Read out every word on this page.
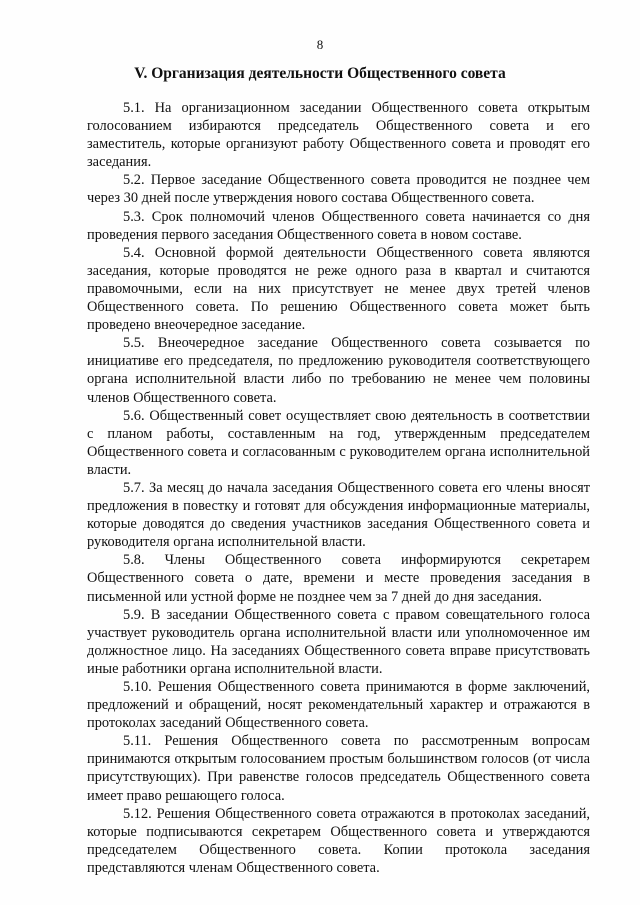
8
V. Организация деятельности Общественного совета

5.1. На организационном заседании Общественного совета открытым голосованием избираются председатель Общественного совета и его заместитель, которые организуют работу Общественного совета и проводят его заседания.

5.2. Первое заседание Общественного совета проводится не позднее чем через 30 дней после утверждения нового состава Общественного совета.

5.3. Срок полномочий членов Общественного совета начинается со дня проведения первого заседания Общественного совета в новом составе.

5.4. Основной формой деятельности Общественного совета являются заседания, которые проводятся не реже одного раза в квартал и считаются правомочными, если на них присутствует не менее двух третей членов Общественного совета. По решению Общественного совета может быть проведено внеочередное заседание.

5.5. Внеочередное заседание Общественного совета созывается по инициативе его председателя, по предложению руководителя соответствующего органа исполнительной власти либо по требованию не менее чем половины членов Общественного совета.

5.6. Общественный совет осуществляет свою деятельность в соответствии с планом работы, составленным на год, утвержденным председателем Общественного совета и согласованным с руководителем органа исполнительной власти.

5.7. За месяц до начала заседания Общественного совета его члены вносят предложения в повестку и готовят для обсуждения информационные материалы, которые доводятся до сведения участников заседания Общественного совета и руководителя органа исполнительной власти.

5.8. Члены Общественного совета информируются секретарем Общественного совета о дате, времени и месте проведения заседания в письменной или устной форме не позднее чем за 7 дней до дня заседания.

5.9. В заседании Общественного совета с правом совещательного голоса участвует руководитель органа исполнительной власти или уполномоченное им должностное лицо. На заседаниях Общественного совета вправе присутствовать иные работники органа исполнительной власти.

5.10. Решения Общественного совета принимаются в форме заключений, предложений и обращений, носят рекомендательный характер и отражаются в протоколах заседаний Общественного совета.

5.11. Решения Общественного совета по рассмотренным вопросам принимаются открытым голосованием простым большинством голосов (от числа присутствующих). При равенстве голосов председатель Общественного совета имеет право решающего голоса.

5.12. Решения Общественного совета отражаются в протоколах заседаний, которые подписываются секретарем Общественного совета и утверждаются председателем Общественного совета. Копии протокола заседания представляются членам Общественного совета.
